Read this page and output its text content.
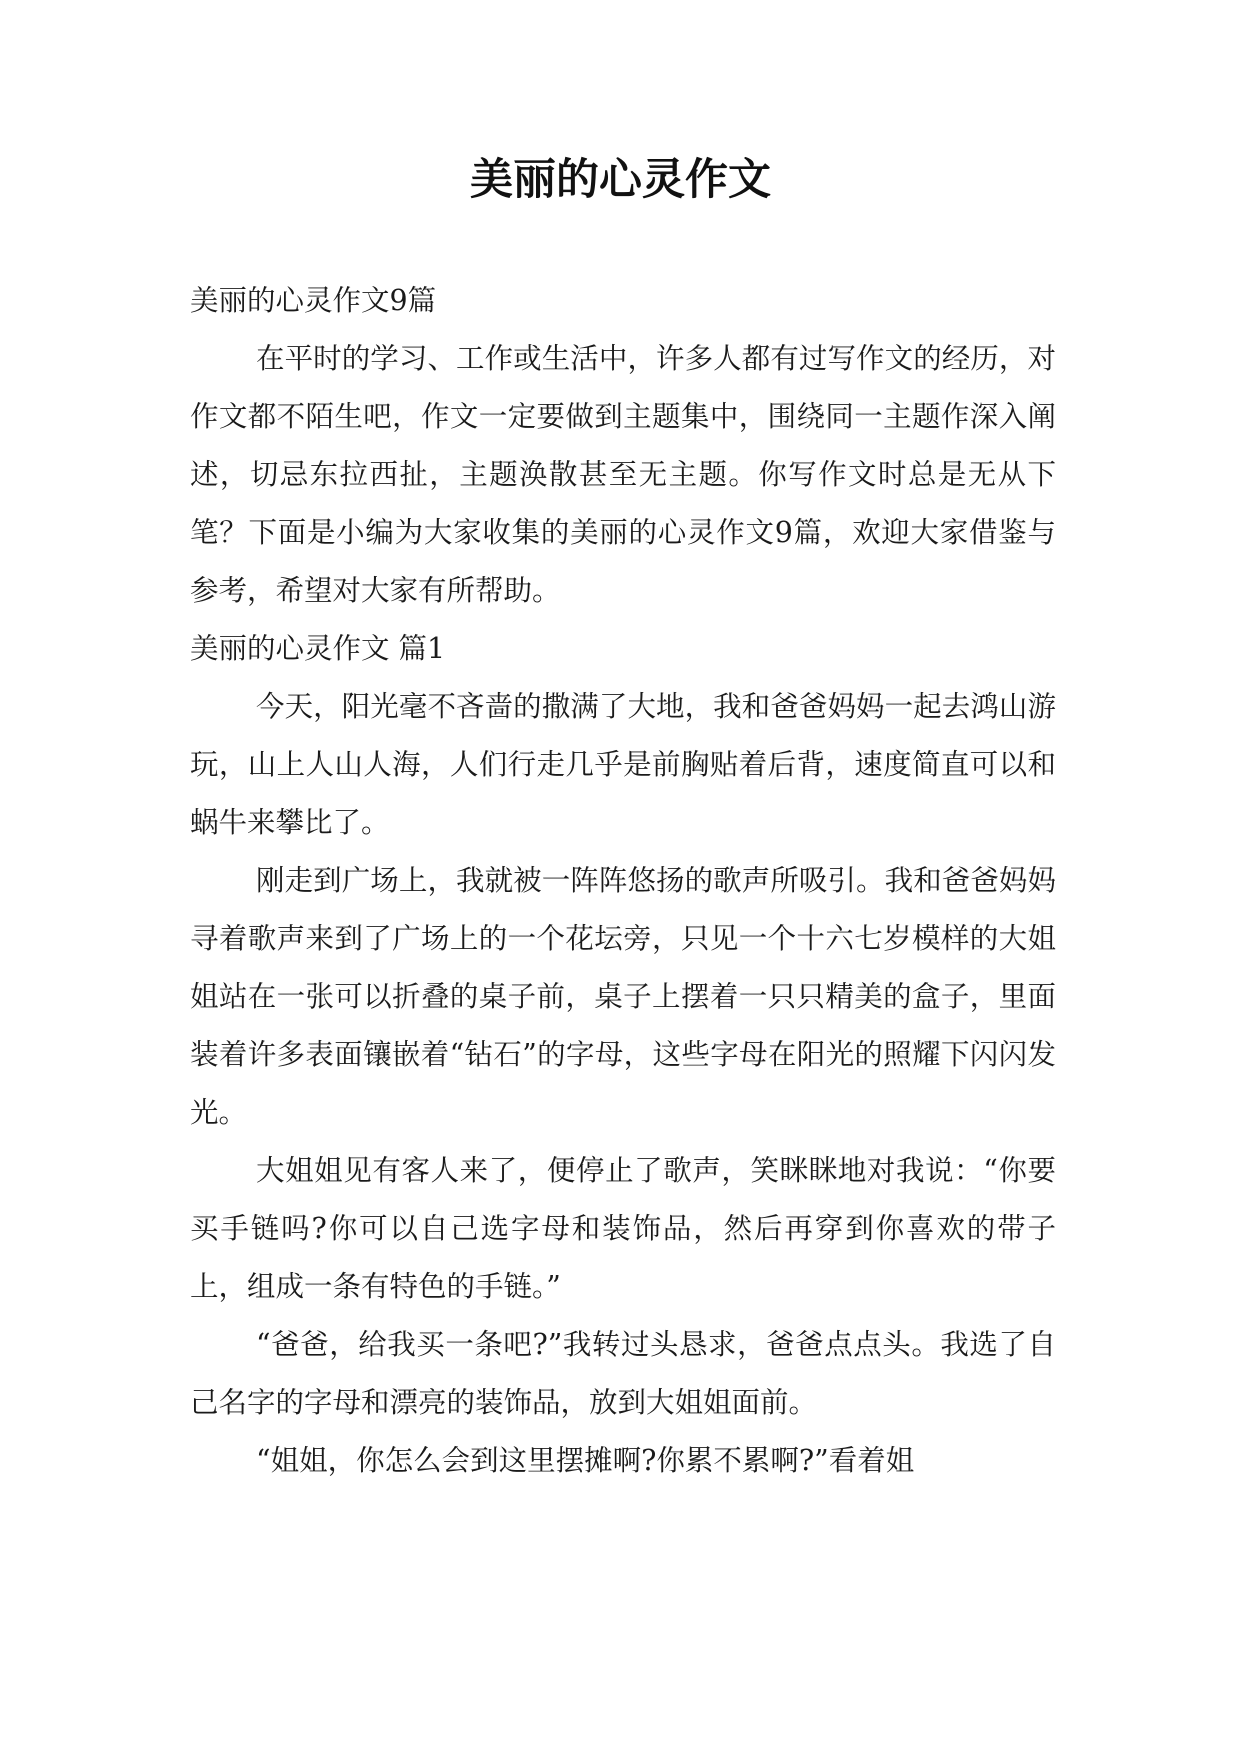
美丽的心灵作文

美丽的心灵作文9篇

在平时的学习、工作或生活中，许多人都有过写作文的经历，对作文都不陌生吧，作文一定要做到主题集中，围绕同一主题作深入阐述，切忌东拉西扯，主题涣散甚至无主题。你写作文时总是无从下笔？下面是小编为大家收集的美丽的心灵作文9篇，欢迎大家借鉴与参考，希望对大家有所帮助。

美丽的心灵作文 篇1

今天，阳光毫不吝啬的撒满了大地，我和爸爸妈妈一起去鸿山游玩，山上人山人海，人们行走几乎是前胸贴着后背，速度简直可以和蜗牛来攀比了。

刚走到广场上，我就被一阵阵悠扬的歌声所吸引。我和爸爸妈妈寻着歌声来到了广场上的一个花坛旁，只见一个十六七岁模样的大姐姐站在一张可以折叠的桌子前，桌子上摆着一只只精美的盒子，里面装着许多表面镶嵌着“钻石”的字母，这些字母在阳光的照耀下闪闪发光。

大姐姐见有客人来了，便停止了歌声，笑眯眯地对我说：“你要买手链吗?你可以自己选字母和装饰品，然后再穿到你喜欢的带子上，组成一条有特色的手链。”

“爸爸，给我买一条吧?”我转过头恳求，爸爸点点头。我选了自己名字的字母和漂亮的装饰品，放到大姐姐面前。

“姐姐，你怎么会到这里摆摊啊?你累不累啊?”看着姐
